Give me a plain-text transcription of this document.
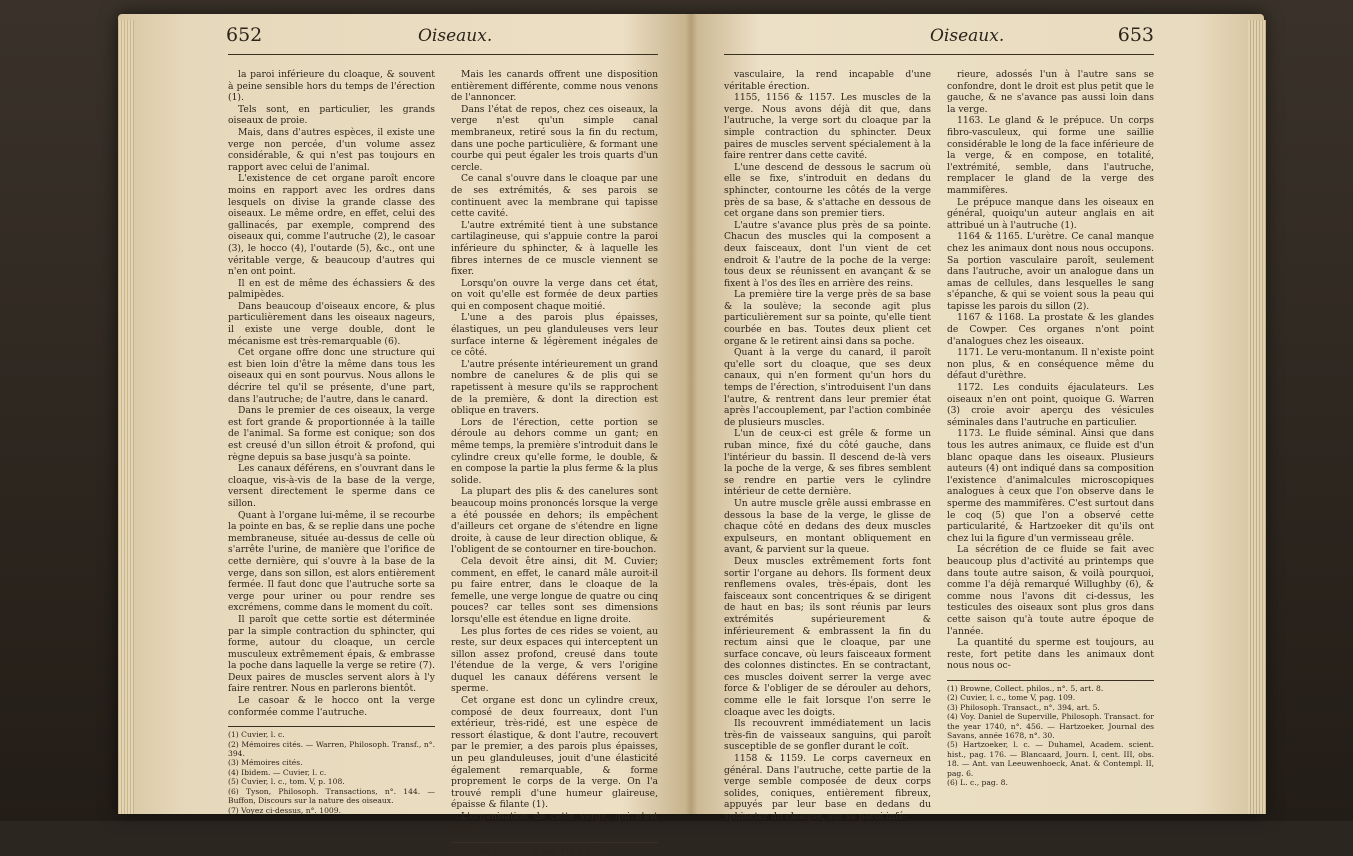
652	Oiseaux.

la paroi inférieure du cloaque, & souvent à peine sensible hors du temps de l'érection (1).

Tels sont, en particulier, les grands oiseaux de proie.

Mais, dans d'autres espèces, il existe une verge non percée, d'un volume assez considérable, & qui n'est pas toujours en rapport avec celui de l'animal.

L'existence de cet organe paroît encore moins en rapport avec les ordres dans lesquels on divise la grande classe des oiseaux. Le même ordre, en effet, celui des gallinacés, par exemple, comprend des oiseaux qui, comme l'autruche (2), le casoar (3), le hocco (4), l'outarde (5), &c., ont une véritable verge, & beaucoup d'autres qui n'en ont point.

Il en est de même des échassiers & des palmipèdes.

Dans beaucoup d'oiseaux encore, & plus particulièrement dans les oiseaux nageurs, il existe une verge double, dont le mécanisme est très-remarquable (6).

Cet organe offre donc une structure qui est bien loin d'être la même dans tous les oiseaux qui en sont pourvus. Nous allons le décrire tel qu'il se présente, d'une part, dans l'autruche; de l'autre, dans le canard.

Dans le premier de ces oiseaux, la verge est fort grande & proportionnée à la taille de l'animal. Sa forme est conique; son dos est creusé d'un sillon étroit & profond, qui règne depuis sa base jusqu'à sa pointe.

Les canaux déférens, en s'ouvrant dans le cloaque, vis-à-vis de la base de la verge, versent directement le sperme dans ce sillon.

Quant à l'organe lui-même, il se recourbe la pointe en bas, & se replie dans une poche membraneuse, située au-dessus de celle où s'arrête l'urine, de manière que l'orifice de cette dernière, qui s'ouvre à la base de la verge, dans son sillon, est alors entièrement fermée. Il faut donc que l'autruche sorte sa verge pour uriner ou pour rendre ses excrémens, comme dans le moment du coït.

Il paroît que cette sortie est déterminée par la simple contraction du sphincter, qui forme, autour du cloaque, un cercle musculeux extrêmement épais, & embrasse la poche dans laquelle la verge se retire (7). Deux paires de muscles servent alors à l'y faire rentrer. Nous en parlerons bientôt.

Le casoar & le hocco ont la verge conformée comme l'autruche.

(1) Cuvier, l. c.
(2) Mémoires cités. — Warren, Philosoph. Transf., n°. 394.
(3) Mémoires cités.
(4) Ibidem. — Cuvier, l. c.
(5) Cuvier, l. c., tom. V, p. 108.
(6) Tyson, Philosoph. Transactions, n°. 144. — Buffon, Discours sur la nature des oiseaux.
(7) Voyez ci-dessus, n°. 1009.

Mais les canards offrent une disposition entièrement différente, comme nous venons de l'annoncer.

Dans l'état de repos, chez ces oiseaux, la verge n'est qu'un simple canal membraneux, retiré sous la fin du rectum, dans une poche particulière, & formant une courbe qui peut égaler les trois quarts d'un cercle.

Ce canal s'ouvre dans le cloaque par une de ses extrémités, & ses parois se continuent avec la membrane qui tapisse cette cavité.

L'autre extrémité tient à une substance cartilagineuse, qui s'appuie contre la paroi inférieure du sphincter, & à laquelle les fibres internes de ce muscle viennent se fixer.

Lorsqu'on ouvre la verge dans cet état, on voit qu'elle est formée de deux parties qui en composent chaque moitié.

L'une a des parois plus épaisses, élastiques, un peu glanduleuses vers leur surface interne & légèrement inégales de ce côté.

L'autre présente intérieurement un grand nombre de canelures & de plis qui se rapetissent à mesure qu'ils se rapprochent de la première, & dont la direction est oblique en travers.

Lors de l'érection, cette portion se déroule au dehors comme un gant; en même temps, la première s'introduit dans le cylindre creux qu'elle forme, le double, & en compose la partie la plus ferme & la plus solide.

La plupart des plis & des canelures sont beaucoup moins prononcés lorsque la verge a été poussée en dehors; ils empêchent d'ailleurs cet organe de s'étendre en ligne droite, à cause de leur direction oblique, & l'obligent de se contourner en tire-bouchon.

Cela devoit être ainsi, dit M. Cuvier; comment, en effet, le canard mâle auroit-il pu faire entrer, dans le cloaque de la femelle, une verge longue de quatre ou cinq pouces? car telles sont ses dimensions lorsqu'elle est étendue en ligne droite.

Les plus fortes de ces rides se voient, au reste, sur deux espaces qui interceptent un sillon assez profond, creusé dans toute l'étendue de la verge, & vers l'origine duquel les canaux déférens versent le sperme.

Cet organe est donc un cylindre creux, composé de deux fourreaux, dont l'un extérieur, très-ridé, est une espèce de ressort élastique, & dont l'autre, recouvert par le premier, a des parois plus épaisses, un peu glanduleuses, jouit d'une élasticité également remarquable, & forme proprement le corps de la verge. On l'a trouvé rempli d'une humeur glaireuse, épaisse & filante (1).

L'organisation de cette verge, qui n'est point

(1) Cuvier, l. c., tom. V, pag. 111 & 112.
Oiseaux.	653

vasculaire, la rend incapable d'une véritable érection.

1155, 1156 & 1157. Les muscles de la verge. Nous avons déjà dit que, dans l'autruche, la verge sort du cloaque par la simple contraction du sphincter. Deux paires de muscles servent spécialement à la faire rentrer dans cette cavité.

L'une descend de dessous le sacrum où elle se fixe, s'introduit en dedans du sphincter, contourne les côtés de la verge près de sa base, & s'attache en dessous de cet organe dans son premier tiers.

L'autre s'avance plus près de sa pointe. Chacun des muscles qui la composent a deux faisceaux, dont l'un vient de cet endroit & l'autre de la poche de la verge: tous deux se réunissent en avançant & se fixent à l'os des îles en arrière des reins.

La première tire la verge près de sa base & la soulève; la seconde agit plus particulièrement sur sa pointe, qu'elle tient courbée en bas. Toutes deux plient cet organe & le retirent ainsi dans sa poche.

Quant à la verge du canard, il paroît qu'elle sort du cloaque, que ses deux canaux, qui n'en forment qu'un hors du temps de l'érection, s'introduisent l'un dans l'autre, & rentrent dans leur premier état après l'accouplement, par l'action combinée de plusieurs muscles.

L'un de ceux-ci est grêle & forme un ruban mince, fixé du côté gauche, dans l'intérieur du bassin. Il descend de-là vers la poche de la verge, & ses fibres semblent se rendre en partie vers le cylindre intérieur de cette dernière.

Un autre muscle grêle aussi embrasse en dessous la base de la verge, le glisse de chaque côté en dedans des deux muscles expulseurs, en montant obliquement en avant, & parvient sur la queue.

Deux muscles extrêmement forts font sortir l'organe au dehors. Ils forment deux renflemens ovales, très-épais, dont les faisceaux sont concentriques & se dirigent de haut en bas; ils sont réunis par leurs extrémités supérieurement & inférieurement & embrassent la fin du rectum ainsi que le cloaque, par une surface concave, où leurs faisceaux forment des colonnes distinctes. En se contractant, ces muscles doivent serrer la verge avec force & l'obliger de se dérouler au dehors, comme elle le fait lorsque l'on serre le cloaque avec les doigts.

Ils recouvrent immédiatement un lacis très-fin de vaisseaux sanguins, qui paroît susceptible de se gonfler durant le coït.

1158 & 1159. Le corps caverneux en général. Dans l'autruche, cette partie de la verge semble composée de deux corps solides, coniques, entièrement fibreux, appuyés par leur base en dedans du sphincter du cloaque, sur sa paroi infé-

rieure, adossés l'un à l'autre sans se confondre, dont le droit est plus petit que le gauche, & ne s'avance pas aussi loin dans la verge.

1163. Le gland & le prépuce. Un corps fibro-vasculeux, qui forme une saillie considérable le long de la face inférieure de la verge, & en compose, en totalité, l'extrémité, semble, dans l'autruche, remplacer le gland de la verge des mammifères.

Le prépuce manque dans les oiseaux en général, quoiqu'un auteur anglais en ait attribué un à l'autruche (1).

1164 & 1165. L'urètre. Ce canal manque chez les animaux dont nous nous occupons. Sa portion vasculaire paroît, seulement dans l'autruche, avoir un analogue dans un amas de cellules, dans lesquelles le sang s'épanche, & qui se voient sous la peau qui tapisse les parois du sillon (2).

1167 & 1168. La prostate & les glandes de Cowper. Ces organes n'ont point d'analogues chez les oiseaux.

1171. Le veru-montanum. Il n'existe point non plus, & en conséquence même du défaut d'urèthre.

1172. Les conduits éjaculateurs. Les oiseaux n'en ont point, quoique G. Warren (3) croie avoir aperçu des vésicules séminales dans l'autruche en particulier.

1173. Le fluide séminal. Ainsi que dans tous les autres animaux, ce fluide est d'un blanc opaque dans les oiseaux. Plusieurs auteurs (4) ont indiqué dans sa composition l'existence d'animalcules microscopiques analogues à ceux que l'on observe dans le sperme des mammifères. C'est surtout dans le coq (5) que l'on a observé cette particularité, & Hartzoeker dit qu'ils ont chez lui la figure d'un vermisseau grêle.

La sécrétion de ce fluide se fait avec beaucoup plus d'activité au printemps que dans toute autre saison, & voilà pourquoi, comme l'a déjà remarqué Willughby (6), & comme nous l'avons dit ci-dessus, les testicules des oiseaux sont plus gros dans cette saison qu'à toute autre époque de l'année.

La quantité du sperme est toujours, au reste, fort petite dans les animaux dont nous nous oc-

(1) Browne, Collect. philos., n°. 5, art. 8.
(2) Cuvier, l. c., tome V, pag. 109.
(3) Philosoph. Transact., n°. 394, art. 5.
(4) Voy. Daniel de Superville, Philosoph. Transact. for the year 1740, n°. 456. — Hartzoeker, Journal des Savans, année 1678, n°. 30.
(5) Hartzoeker, l. c. — Duhamel, Academ. scient. hist., pag. 176. — Blancaard, Journ. I, cent. III, obs. 18. — Ant. van Leeuwenhoeck, Anat. & Contempl. II, pag. 6.
(6) L. c., pag. 8.
